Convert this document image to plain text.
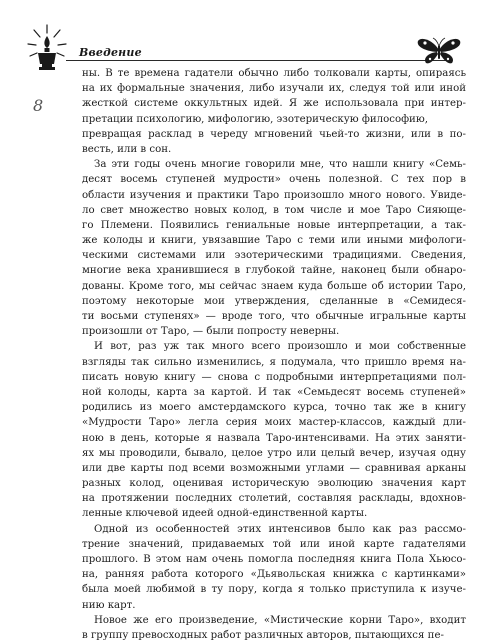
Введение
8
ны. В те времена гадатели обычно либо толковали карты, опираясь
на их формальные значения, либо изучали их, следуя той или иной
жесткой системе оккультных идей. Я же использовала при интер-
претации психологию, мифологию, эзотерическую философию,
превращая расклад в череду мгновений чьей-то жизни, или в по-
весть, или в сон.
За эти годы очень многие говорили мне, что нашли книгу «Семь-
десят восемь ступеней мудрости» очень полезной. С тех пор в
области изучения и практики Таро произошло много нового. Увиде-
ло свет множество новых колод, в том числе и мое Таро Сияюще-
го Племени. Появились гениальные новые интерпретации, а так-
же колоды и книги, увязавшие Таро с теми или иными мифологи-
ческими системами или эзотерическими традициями. Сведения,
многие века хранившиеся в глубокой тайне, наконец были обнаро-
дованы. Кроме того, мы сейчас знаем куда больше об истории Таро,
поэтому некоторые мои утверждения, сделанные в «Семидеся-
ти восьми ступенях» — вроде того, что обычные игральные карты
произошли от Таро, — были попросту неверны.
И вот, раз уж так много всего произошло и мои собственные
взгляды так сильно изменились, я подумала, что пришло время на-
писать новую книгу — снова с подробными интерпретациями пол-
ной колоды, карта за картой. И так «Семьдесят восемь ступеней»
родились из моего амстердамского курса, точно так же в книгу
«Мудрости Таро» легла серия моих мастер-классов, каждый дли-
ною в день, которые я назвала Таро-интенсивами. На этих заняти-
ях мы проводили, бывало, целое утро или целый вечер, изучая одну
или две карты под всеми возможными углами — сравнивая арканы
разных колод, оценивая историческую эволюцию значения карт
на протяжении последних столетий, составляя расклады, вдохнов-
ленные ключевой идеей одной-единственной карты.
Одной из особенностей этих интенсивов было как раз рассмо-
трение значений, придаваемых той или иной карте гадателями
прошлого. В этом нам очень помогла последняя книга Пола Хьюсо-
на, ранняя работа которого «Дьявольская книжка с картинками»
была моей любимой в ту пору, когда я только приступила к изуче-
нию карт.
Новое же его произведение, «Мистические корни Таро», входит
в группу превосходных работ различных авторов, пытающихся пе-
